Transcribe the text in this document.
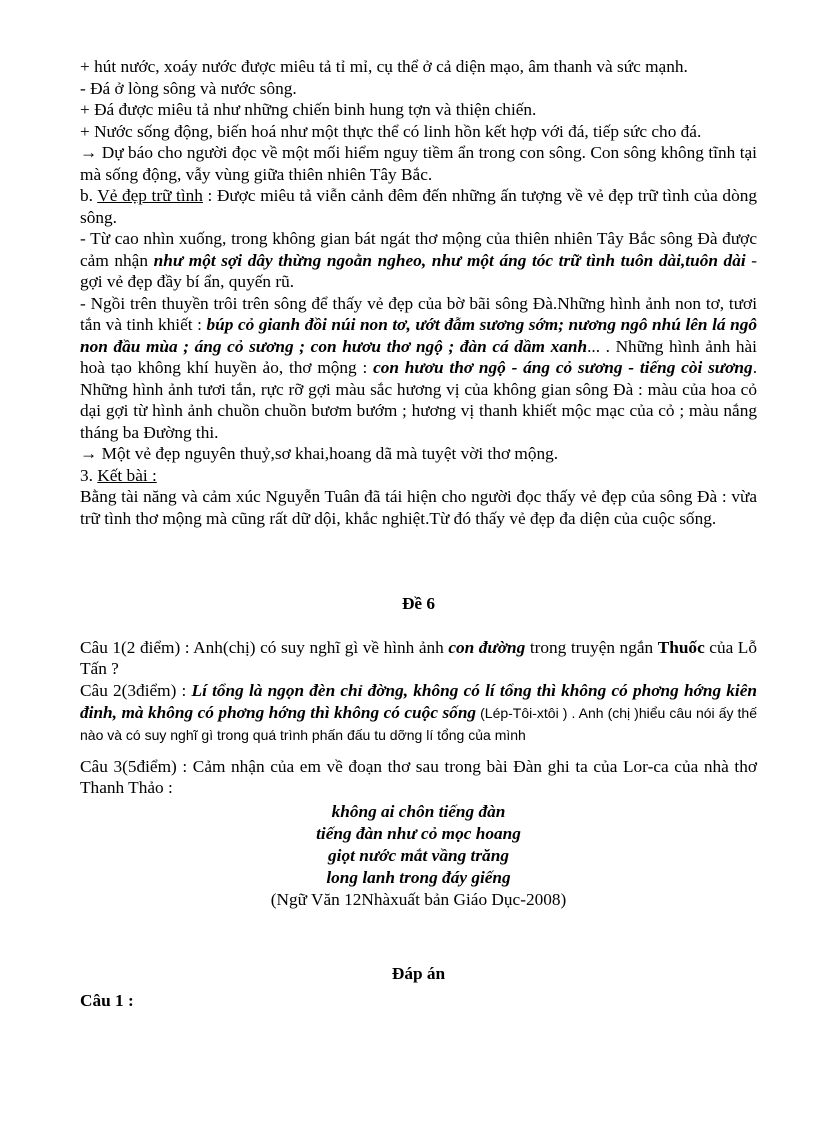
+ hút nước, xoáy nước được miêu tả tỉ mỉ, cụ thể ở cả diện mạo, âm thanh và sức mạnh.

- Đá ở lòng sông và nước sông.

+ Đá được miêu tả như những chiến binh hung tợn và thiện chiến.

+ Nước sống động, biến hoá như một thực thể có linh hồn kết hợp với đá, tiếp sức cho đá.

→ Dự báo cho người đọc về một mối hiểm nguy tiềm ẩn trong con sông. Con sông không tĩnh tại mà sống động, vẫy vùng giữa thiên nhiên Tây Bắc.

b. Vẻ đẹp trữ tình : Được miêu tả viễn cảnh đêm đến những ấn tượng về vẻ đẹp trữ tình của dòng sông.

- Từ cao nhìn xuống, trong không gian bát ngát thơ mộng của thiên nhiên Tây Bắc sông Đà được cảm nhận như một sợi dây thừng ngoằn ngheo, như một áng tóc trữ tình tuôn dài,tuôn dài - gợi vẻ đẹp đầy bí ẩn, quyến rũ.

- Ngồi trên thuyền trôi trên sông để thấy vẻ đẹp của bờ bãi sông Đà.Những hình ảnh non tơ, tươi tắn và tinh khiết : búp cỏ gianh đồi núi non tơ, ướt đẫm sương sớm; nương ngô nhú lên lá ngô non đầu mùa ; áng cỏ sương ; con hươu thơ ngộ ; đàn cá dầm xanh... . Những hình ảnh hài hoà tạo không khí huyền ảo, thơ mộng : con hươu thơ ngộ - áng cỏ sương - tiếng còi sương. Những hình ảnh tươi tắn, rực rỡ gợi màu sắc hương vị của không gian sông Đà : màu của hoa cỏ dại gợi từ hình ảnh chuồn chuồn bươm bướm ; hương vị thanh khiết mộc mạc của cỏ ; màu nắng tháng ba Đường thi.

→ Một vẻ đẹp nguyên thuỷ,sơ khai,hoang dã mà tuyệt vời thơ mộng.

3. Kết bài :

Bằng tài năng và cảm xúc Nguyễn Tuân đã tái hiện cho người đọc thấy vẻ đẹp của sông Đà : vừa trữ tình thơ mộng mà cũng rất dữ dội, khắc nghiệt.Từ đó thấy vẻ đẹp đa diện của cuộc sống.

Đề 6

Câu 1(2 điểm) : Anh(chị) có suy nghĩ gì về hình ảnh con đường trong truyện ngắn Thuốc của Lỗ Tấn ?

Câu 2(3điểm) : Lí tổng là ngọn đèn chỉ đờng, không có lí tổng thì không có phơng hớng kiên đinh, mà không có phơng hớng thì không có cuộc sống (Lép-Tôi-xtôi ) . Anh (chị )hiểu câu nói ấy thế nào và có suy nghĩ gì trong quá trình phấn đấu tu dỡng lí tổng của mình

Câu 3(5điểm) : Cảm nhận của em về đoạn thơ sau trong bài Đàn ghi ta của Lor-ca của nhà thơ Thanh Thảo :

không ai chôn tiếng đàn
tiếng đàn như cỏ mọc hoang
giọt nước mắt vầng trăng
long lanh trong đáy giếng
(Ngữ Văn 12Nhàxuất bản Giáo Dục-2008)

Đáp án

Câu 1 :
